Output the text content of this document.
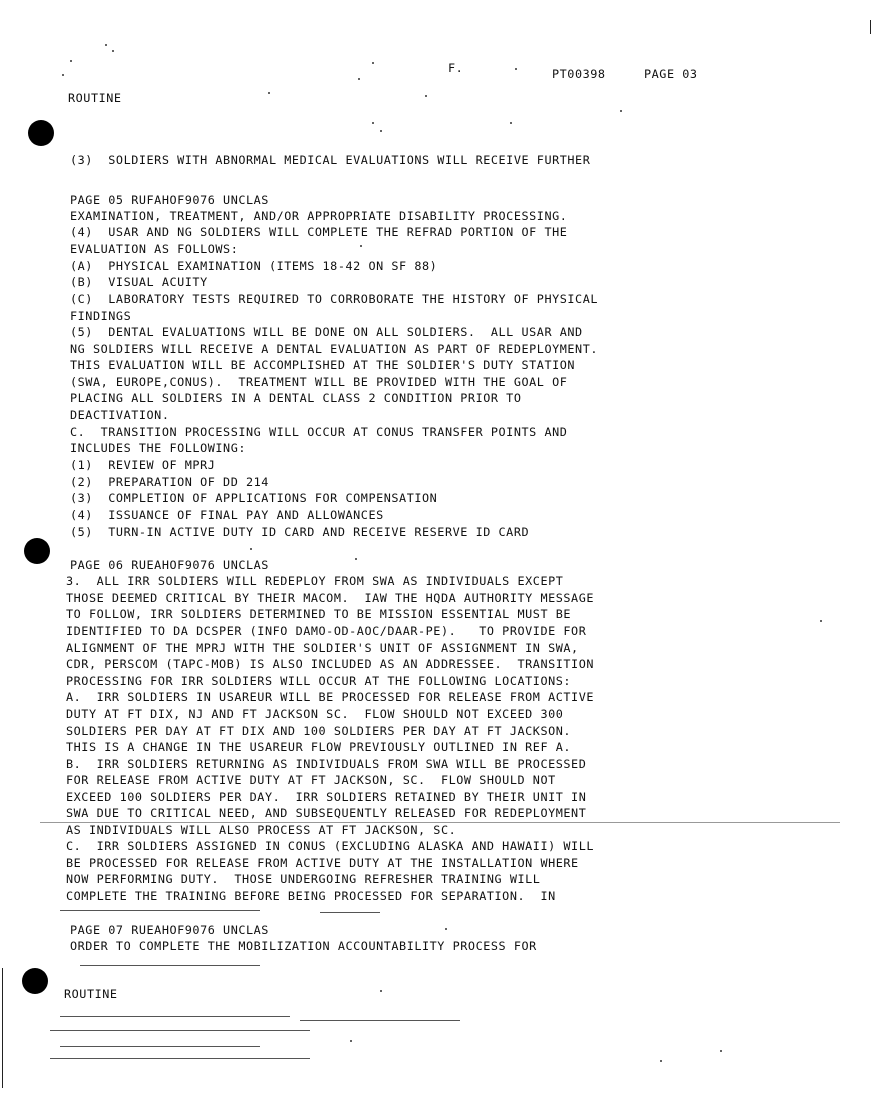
PT00398	PAGE 03
F.
ROUTINE
(3)  SOLDIERS WITH ABNORMAL MEDICAL EVALUATIONS WILL RECEIVE FURTHER
PAGE 05 RUFAHOF9076 UNCLAS
EXAMINATION, TREATMENT, AND/OR APPROPRIATE DISABILITY PROCESSING.
(4)  USAR AND NG SOLDIERS WILL COMPLETE THE REFRAD PORTION OF THE
EVALUATION AS FOLLOWS:
(A)  PHYSICAL EXAMINATION (ITEMS 18-42 ON SF 88)
(B)  VISUAL ACUITY
(C)  LABORATORY TESTS REQUIRED TO CORROBORATE THE HISTORY OF PHYSICAL
FINDINGS
(5)  DENTAL EVALUATIONS WILL BE DONE ON ALL SOLDIERS.  ALL USAR AND
NG SOLDIERS WILL RECEIVE A DENTAL EVALUATION AS PART OF REDEPLOYMENT.
THIS EVALUATION WILL BE ACCOMPLISHED AT THE SOLDIER'S DUTY STATION
(SWA, EUROPE,CONUS).  TREATMENT WILL BE PROVIDED WITH THE GOAL OF
PLACING ALL SOLDIERS IN A DENTAL CLASS 2 CONDITION PRIOR TO
DEACTIVATION.
C.  TRANSITION PROCESSING WILL OCCUR AT CONUS TRANSFER POINTS AND
INCLUDES THE FOLLOWING:
(1)  REVIEW OF MPRJ
(2)  PREPARATION OF DD 214
(3)  COMPLETION OF APPLICATIONS FOR COMPENSATION
(4)  ISSUANCE OF FINAL PAY AND ALLOWANCES
(5)  TURN-IN ACTIVE DUTY ID CARD AND RECEIVE RESERVE ID CARD
PAGE 06 RUEAHOF9076 UNCLAS
3.  ALL IRR SOLDIERS WILL REDEPLOY FROM SWA AS INDIVIDUALS EXCEPT
THOSE DEEMED CRITICAL BY THEIR MACOM.  IAW THE HQDA AUTHORITY MESSAGE
TO FOLLOW, IRR SOLDIERS DETERMINED TO BE MISSION ESSENTIAL MUST BE
IDENTIFIED TO DA DCSPER (INFO DAMO-OD-AOC/DAAR-PE).   TO PROVIDE FOR
ALIGNMENT OF THE MPRJ WITH THE SOLDIER'S UNIT OF ASSIGNMENT IN SWA,
CDR, PERSCOM (TAPC-MOB) IS ALSO INCLUDED AS AN ADDRESSEE.  TRANSITION
PROCESSING FOR IRR SOLDIERS WILL OCCUR AT THE FOLLOWING LOCATIONS:
A.  IRR SOLDIERS IN USAREUR WILL BE PROCESSED FOR RELEASE FROM ACTIVE
DUTY AT FT DIX, NJ AND FT JACKSON SC.  FLOW SHOULD NOT EXCEED 300
SOLDIERS PER DAY AT FT DIX AND 100 SOLDIERS PER DAY AT FT JACKSON.
THIS IS A CHANGE IN THE USAREUR FLOW PREVIOUSLY OUTLINED IN REF A.
B.  IRR SOLDIERS RETURNING AS INDIVIDUALS FROM SWA WILL BE PROCESSED
FOR RELEASE FROM ACTIVE DUTY AT FT JACKSON, SC.  FLOW SHOULD NOT
EXCEED 100 SOLDIERS PER DAY.  IRR SOLDIERS RETAINED BY THEIR UNIT IN
SWA DUE TO CRITICAL NEED, AND SUBSEQUENTLY RELEASED FOR REDEPLOYMENT
AS INDIVIDUALS WILL ALSO PROCESS AT FT JACKSON, SC.
C.  IRR SOLDIERS ASSIGNED IN CONUS (EXCLUDING ALASKA AND HAWAII) WILL
BE PROCESSED FOR RELEASE FROM ACTIVE DUTY AT THE INSTALLATION WHERE
NOW PERFORMING DUTY.  THOSE UNDERGOING REFRESHER TRAINING WILL
COMPLETE THE TRAINING BEFORE BEING PROCESSED FOR SEPARATION.  IN
PAGE 07 RUEAHOF9076 UNCLAS
ORDER TO COMPLETE THE MOBILIZATION ACCOUNTABILITY PROCESS FOR
ROUTINE
